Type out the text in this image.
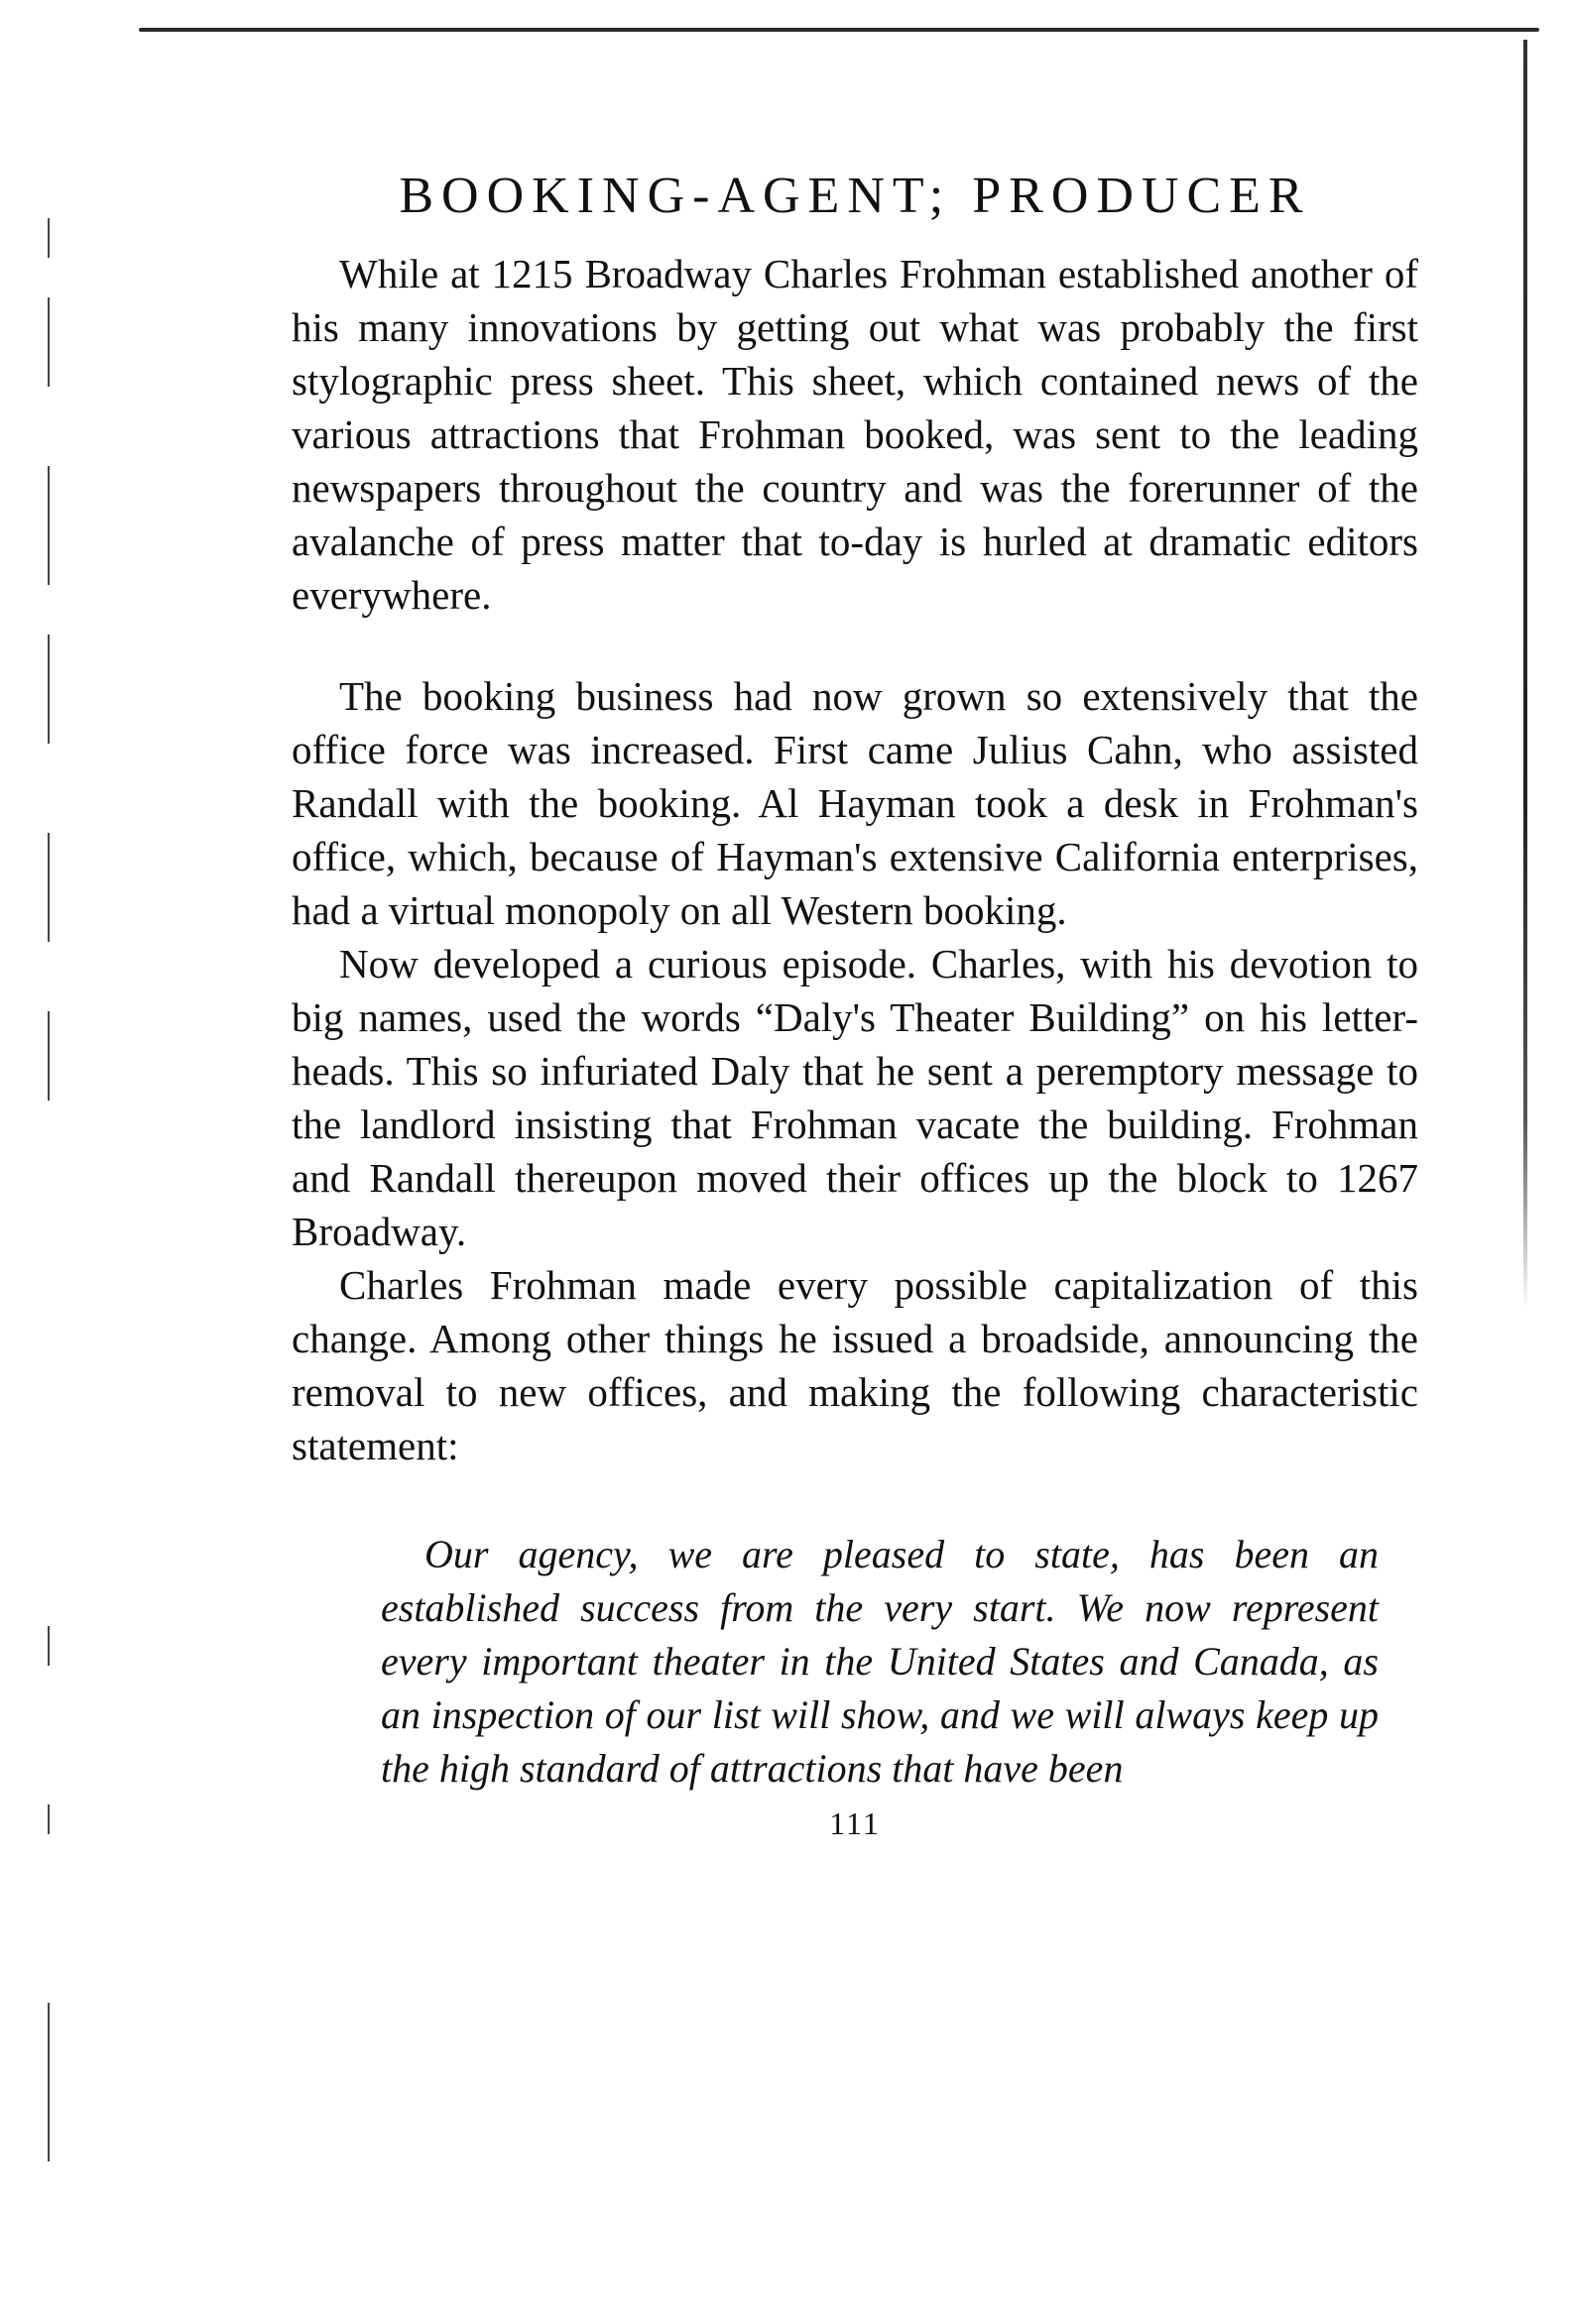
BOOKING-AGENT; PRODUCER

While at 1215 Broadway Charles Frohman established another of his many innovations by getting out what was probably the first stylographic press sheet. This sheet, which contained news of the various attractions that Frohman booked, was sent to the leading newspapers throughout the country and was the forerunner of the avalanche of press matter that to-day is hurled at dramatic editors everywhere.

The booking business had now grown so extensively that the office force was increased. First came Julius Cahn, who assisted Randall with the booking. Al Hayman took a desk in Frohman's office, which, because of Hayman's extensive California enterprises, had a virtual monopoly on all Western booking.

Now developed a curious episode. Charles, with his devotion to big names, used the words “Daly's Theater Building” on his letter-heads. This so infuriated Daly that he sent a peremptory message to the landlord insisting that Frohman vacate the building. Frohman and Randall thereupon moved their offices up the block to 1267 Broadway.

Charles Frohman made every possible capitalization of this change. Among other things he issued a broadside, announcing the removal to new offices, and making the following characteristic statement:

Our agency, we are pleased to state, has been an established success from the very start. We now represent every important theater in the United States and Canada, as an inspection of our list will show, and we will always keep up the high standard of attractions that have been

111
